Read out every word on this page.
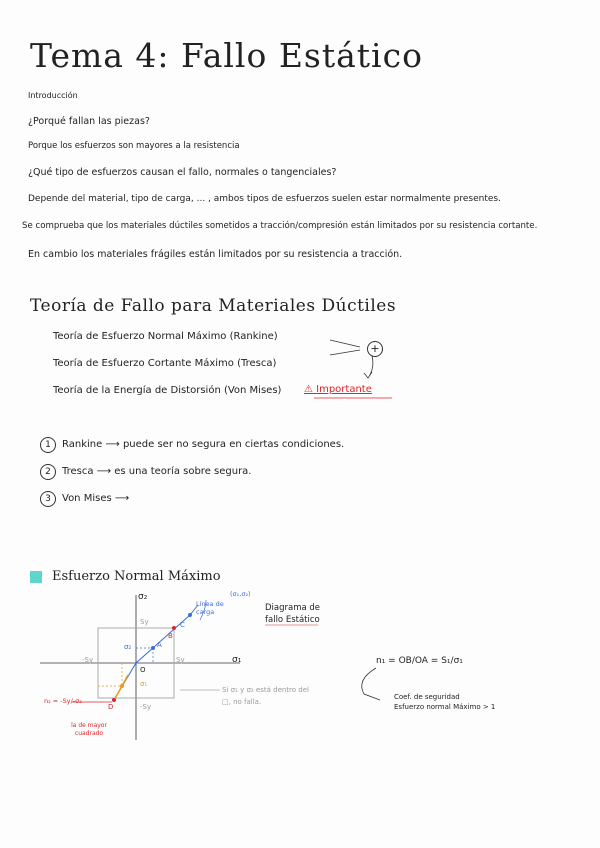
Tema 4: Fallo Estático
Introducción
¿Porqué fallan las piezas?
Porque los esfuerzos son mayores a la resistencia
¿Qué tipo de esfuerzos causan el fallo, normales o tangenciales?
Depende del material, tipo de carga, ... , ambos tipos de esfuerzos suelen estar normalmente presentes.
Se comprueba que los materiales dúctiles sometidos a tracción/compresión están limitados por su resistencia cortante.
En cambio los materiales frágiles están limitados por su resistencia a tracción.
Teoría de Fallo para Materiales Dúctiles
Teoría de Esfuerzo Normal Máximo (Rankine)
Teoría de Esfuerzo Cortante Máximo (Tresca)
Teoría de la Energía de Distorsión (Von Mises) ⚠ Importante
+
1 Rankine ⟶ puede ser no segura en ciertas condiciones.
2 Tresca ⟶ es una teoría sobre segura.
3 Von Mises ⟶
Esfuerzo Normal Máximo
σ₂
σ₁
Sy
-Sy
Sy
-Sy
(σ₁,σ₂)
Línea de carga
C
A
B
O
D
σ₂
σ₁
n₂ = -Sy/-σ₂
la de mayor cuadrado
Si σ₁ y σ₂ está dentro del □, no falla.
Diagrama de
fallo Estático
n₁ = OB/OA = S₁/σ₁
Coef. de seguridad
Esfuerzo normal Máximo > 1
